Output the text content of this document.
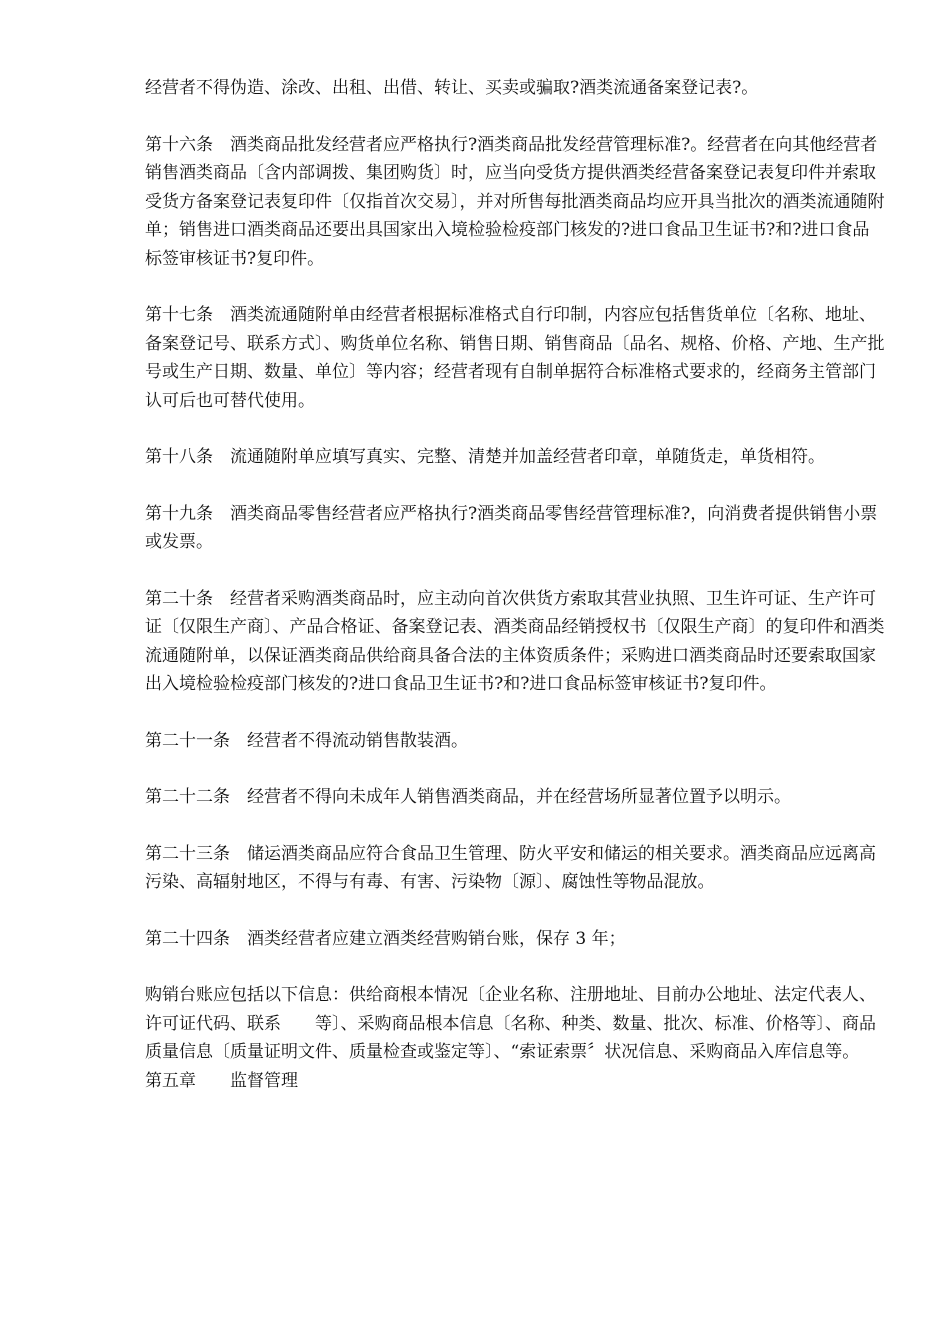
经营者不得伪造、涂改、出租、出借、转让、买卖或骗取?酒类流通备案登记表?。

第十六条　酒类商品批发经营者应严格执行?酒类商品批发经营管理标准?。经营者在向其他经营者销售酒类商品〔含内部调拨、集团购货〕时，应当向受货方提供酒类经营备案登记表复印件并索取受货方备案登记表复印件〔仅指首次交易〕，并对所售每批酒类商品均应开具当批次的酒类流通随附单；销售进口酒类商品还要出具国家出入境检验检疫部门核发的?进口食品卫生证书?和?进口食品标签审核证书?复印件。

第十七条　酒类流通随附单由经营者根据标准格式自行印制，内容应包括售货单位〔名称、地址、备案登记号、联系方式〕、购货单位名称、销售日期、销售商品〔品名、规格、价格、产地、生产批号或生产日期、数量、单位〕等内容；经营者现有自制单据符合标准格式要求的，经商务主管部门认可后也可替代使用。

第十八条　流通随附单应填写真实、完整、清楚并加盖经营者印章，单随货走，单货相符。

第十九条　酒类商品零售经营者应严格执行?酒类商品零售经营管理标准?，向消费者提供销售小票或发票。

第二十条　经营者采购酒类商品时，应主动向首次供货方索取其营业执照、卫生许可证、生产许可证〔仅限生产商〕、产品合格证、备案登记表、酒类商品经销授权书〔仅限生产商〕的复印件和酒类流通随附单，以保证酒类商品供给商具备合法的主体资质条件；采购进口酒类商品时还要索取国家出入境检验检疫部门核发的?进口食品卫生证书?和?进口食品标签审核证书?复印件。

第二十一条　经营者不得流动销售散装酒。

第二十二条　经营者不得向未成年人销售酒类商品，并在经营场所显著位置予以明示。

第二十三条　储运酒类商品应符合食品卫生管理、防火平安和储运的相关要求。酒类商品应远离高污染、高辐射地区，不得与有毒、有害、污染物〔源〕、腐蚀性等物品混放。

第二十四条　酒类经营者应建立酒类经营购销台账，保存 3 年；

购销台账应包括以下信息：供给商根本情况〔企业名称、注册地址、目前办公地址、法定代表人、许可证代码、联系　　等〕、采购商品根本信息〔名称、种类、数量、批次、标准、价格等〕、商品质量信息〔质量证明文件、质量检查或鉴定等〕、“索证索票〞状况信息、采购商品入库信息等。

第五章　　监督管理
